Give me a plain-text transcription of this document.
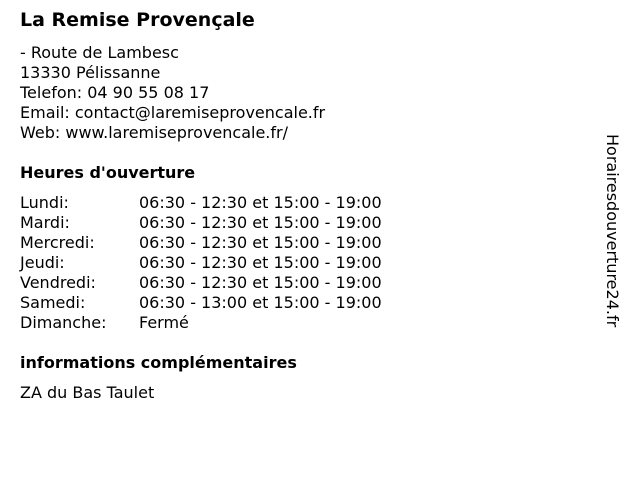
La Remise Provençale
- Route de Lambesc
13330 Pélissanne
Telefon: 04 90 55 08 17
Email: contact@laremiseprovencale.fr
Web: www.laremiseprovencale.fr/
Heures d'ouverture
Lundi:	06:30 - 12:30 et 15:00 - 19:00
Mardi:	06:30 - 12:30 et 15:00 - 19:00
Mercredi:	06:30 - 12:30 et 15:00 - 19:00
Jeudi:	06:30 - 12:30 et 15:00 - 19:00
Vendredi:	06:30 - 12:30 et 15:00 - 19:00
Samedi:	06:30 - 13:00 et 15:00 - 19:00
Dimanche:	Fermé
informations complémentaires
ZA du Bas Taulet
Horairesdouverture24.fr
